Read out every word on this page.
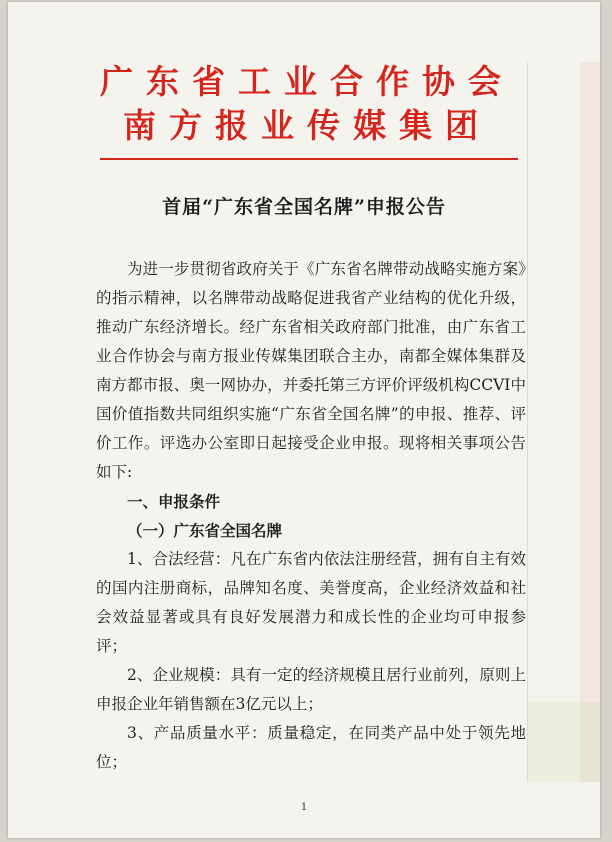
广东省工业合作协会
南方报业传媒集团
首届“广东省全国名牌”申报公告

为进一步贯彻省政府关于《广东省名牌带动战略实施方案》的指示精神，以名牌带动战略促进我省产业结构的优化升级，推动广东经济增长。经广东省相关政府部门批准，由广东省工业合作协会与南方报业传媒集团联合主办，南都全媒体集群及南方都市报、奥一网协办，并委托第三方评价评级机构CCVI中国价值指数共同组织实施“广东省全国名牌”的申报、推荐、评价工作。评选办公室即日起接受企业申报。现将相关事项公告如下:

一、申报条件

（一）广东省全国名牌

1、合法经营：凡在广东省内依法注册经营，拥有自主有效的国内注册商标，品牌知名度、美誉度高，企业经济效益和社会效益显著或具有良好发展潜力和成长性的企业均可申报参评；

2、企业规模：具有一定的经济规模且居行业前列，原则上申报企业年销售额在3亿元以上；

3、产品质量水平：质量稳定，在同类产品中处于领先地位；

1
